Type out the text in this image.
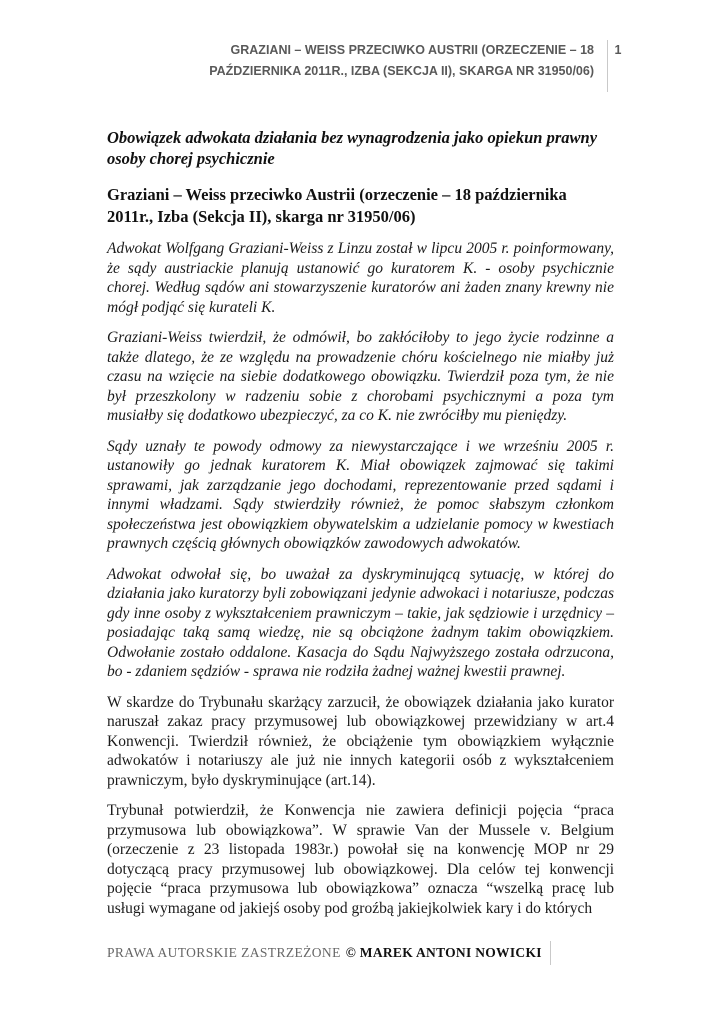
GRAZIANI – WEISS PRZECIWKO AUSTRII (ORZECZENIE – 18 PAŹDZIERNIKA 2011R., IZBA (SEKCJA II), SKARGA NR 31950/06)
1
Obowiązek adwokata działania bez wynagrodzenia jako opiekun prawny osoby chorej psychicznie
Graziani – Weiss przeciwko Austrii (orzeczenie – 18 października 2011r., Izba (Sekcja II), skarga nr 31950/06)

Adwokat Wolfgang Graziani-Weiss z Linzu został w lipcu 2005 r. poinformowany, że sądy austriackie planują ustanowić go kuratorem K. - osoby psychicznie chorej. Według sądów ani stowarzyszenie kuratorów ani żaden znany krewny nie mógł podjąć się kurateli K.

Graziani-Weiss twierdził, że odmówił, bo zakłóciłoby to jego życie rodzinne a także dlatego, że ze względu na prowadzenie chóru kościelnego nie miałby już czasu na wzięcie na siebie dodatkowego obowiązku. Twierdził poza tym, że nie był przeszkolony w radzeniu sobie z chorobami psychicznymi a poza tym musiałby się dodatkowo ubezpieczyć, za co K. nie zwróciłby mu pieniędzy.

Sądy uznały te powody odmowy za niewystarczające i we wrześniu 2005 r. ustanowiły go jednak kuratorem K. Miał obowiązek zajmować się takimi sprawami, jak zarządzanie jego dochodami, reprezentowanie przed sądami i innymi władzami. Sądy stwierdziły również, że pomoc słabszym członkom społeczeństwa jest obowiązkiem obywatelskim a udzielanie pomocy w kwestiach prawnych częścią głównych obowiązków zawodowych adwokatów.

Adwokat odwołał się, bo uważał za dyskryminującą sytuację, w której do działania jako kuratorzy byli zobowiązani jedynie adwokaci i notariusze, podczas gdy inne osoby z wykształceniem prawniczym – takie, jak sędziowie i urzędnicy – posiadając taką samą wiedzę, nie są obciążone żadnym takim obowiązkiem. Odwołanie zostało oddalone. Kasacja do Sądu Najwyższego została odrzucona, bo - zdaniem sędziów - sprawa nie rodziła żadnej ważnej kwestii prawnej.

W skardze do Trybunału skarżący zarzucił, że obowiązek działania jako kurator naruszał zakaz pracy przymusowej lub obowiązkowej przewidziany w art.4 Konwencji. Twierdził również, że obciążenie tym obowiązkiem wyłącznie adwokatów i notariuszy ale już nie innych kategorii osób z wykształceniem prawniczym, było dyskryminujące (art.14).

Trybunał potwierdził, że Konwencja nie zawiera definicji pojęcia “praca przymusowa lub obowiązkowa”. W sprawie Van der Mussele v. Belgium (orzeczenie z 23 listopada 1983r.) powołał się na konwencję MOP nr 29 dotyczącą pracy przymusowej lub obowiązkowej. Dla celów tej konwencji pojęcie “praca przymusowa lub obowiązkowa” oznacza “wszelką pracę lub usługi wymagane od jakiejś osoby pod groźbą jakiejkolwiek kary i do których

PRAWA AUTORSKIE ZASTRZEŻONE © MAREK ANTONI NOWICKI
